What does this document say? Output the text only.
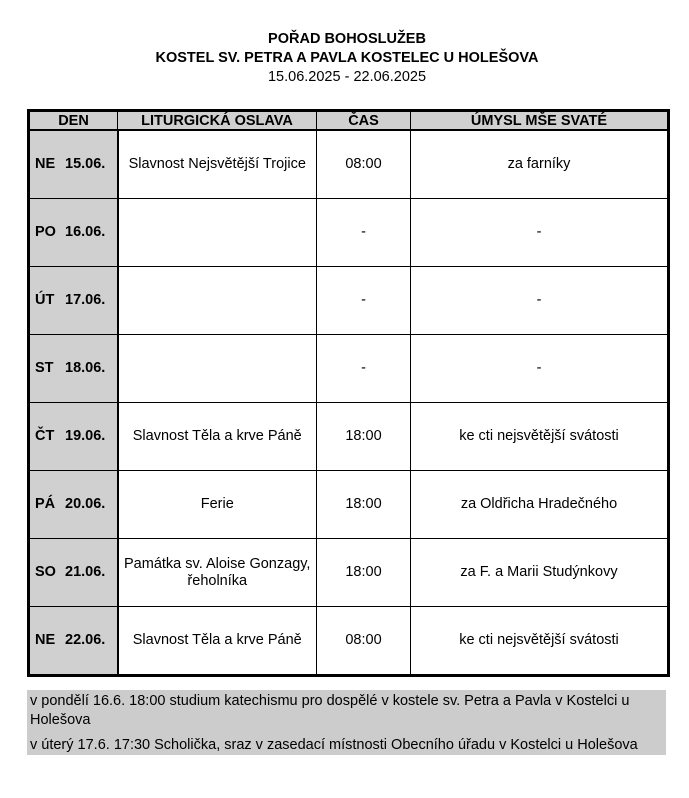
POŘAD BOHOSLUŽEB
KOSTEL SV. PETRA A PAVLA KOSTELEC U HOLEŠOVA
15.06.2025 - 22.06.2025
DEN	LITURGICKÁ OSLAVA	ČAS	ÚMYSL MŠE SVATÉ
NE 15.06.	Slavnost Nejsvětější Trojice	08:00	za farníky
PO 16.06.		-	-
ÚT 17.06.		-	-
ST 18.06.		-	-
ČT 19.06.	Slavnost Těla a krve Páně	18:00	ke cti nejsvětější svátosti
PÁ 20.06.	Ferie	18:00	za Oldřicha Hradečného
SO 21.06.	Památka sv. Aloise Gonzagy, řeholníka	18:00	za F. a Marii Studýnkovy
NE 22.06.	Slavnost Těla a krve Páně	08:00	ke cti nejsvětější svátosti
v pondělí 16.6. 18:00 studium katechismu pro dospělé v kostele sv. Petra a Pavla v Kostelci u Holešova
v úterý 17.6. 17:30 Scholička, sraz v zasedací místnosti Obecního úřadu v Kostelci u Holešova
